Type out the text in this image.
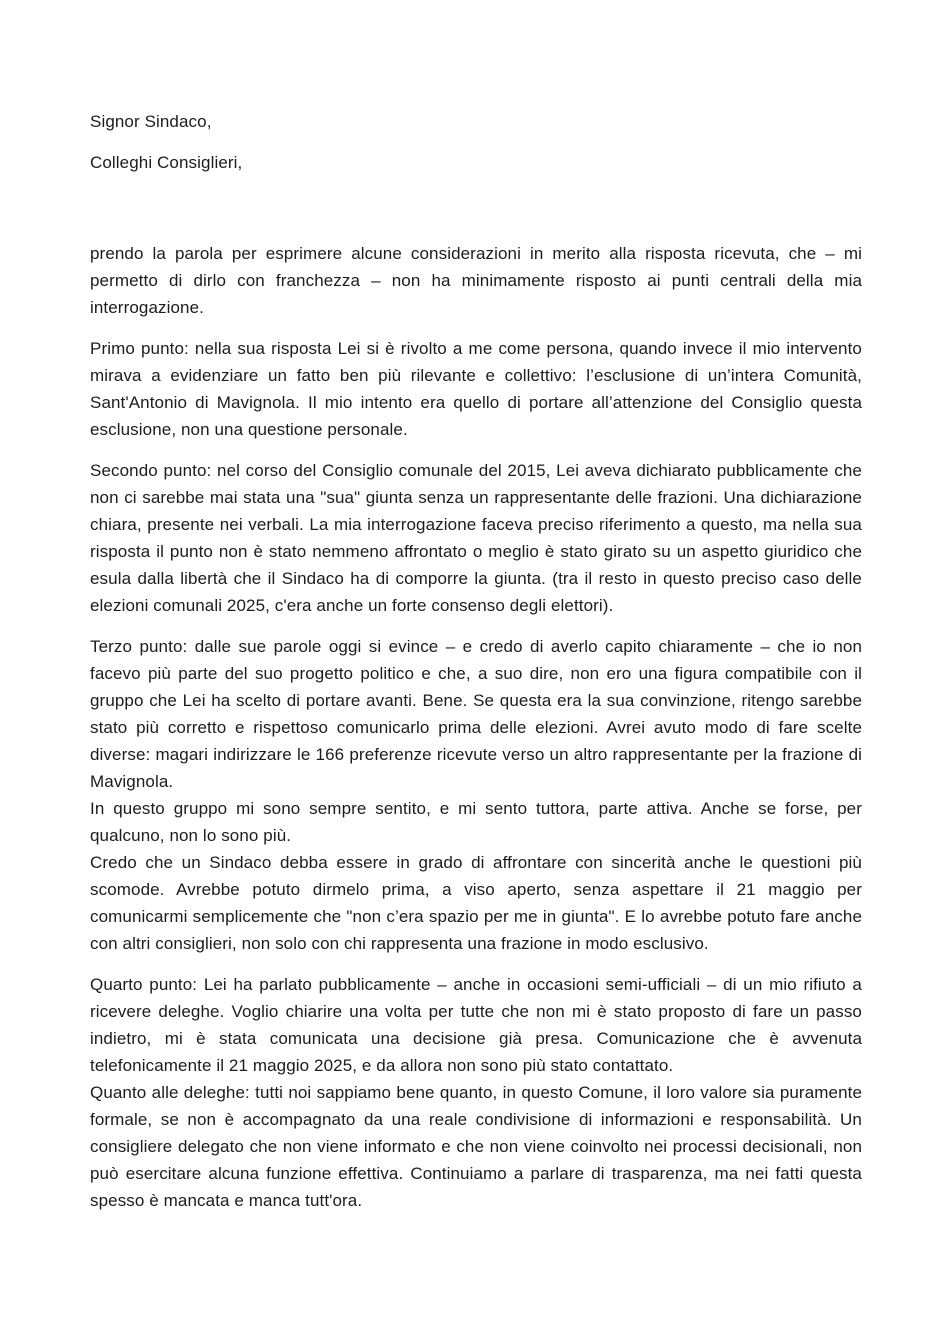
Signor Sindaco,

Colleghi Consiglieri,

prendo la parola per esprimere alcune considerazioni in merito alla risposta ricevuta, che – mi permetto di dirlo con franchezza – non ha minimamente risposto ai punti centrali della mia interrogazione.

Primo punto: nella sua risposta Lei si è rivolto a me come persona, quando invece il mio intervento mirava a evidenziare un fatto ben più rilevante e collettivo: l’esclusione di un’intera Comunità, Sant'Antonio di Mavignola. Il mio intento era quello di portare all’attenzione del Consiglio questa esclusione, non una questione personale.

Secondo punto: nel corso del Consiglio comunale del 2015, Lei aveva dichiarato pubblicamente che non ci sarebbe mai stata una "sua" giunta senza un rappresentante delle frazioni. Una dichiarazione chiara, presente nei verbali. La mia interrogazione faceva preciso riferimento a questo, ma nella sua risposta il punto non è stato nemmeno affrontato o meglio è stato girato su un aspetto giuridico che esula dalla libertà che il Sindaco ha di comporre la giunta. (tra il resto in questo preciso caso delle elezioni comunali 2025, c'era anche un forte consenso degli elettori).

Terzo punto: dalle sue parole oggi si evince – e credo di averlo capito chiaramente – che io non facevo più parte del suo progetto politico e che, a suo dire, non ero una figura compatibile con il gruppo che Lei ha scelto di portare avanti. Bene. Se questa era la sua convinzione, ritengo sarebbe stato più corretto e rispettoso comunicarlo prima delle elezioni. Avrei avuto modo di fare scelte diverse: magari indirizzare le 166 preferenze ricevute verso un altro rappresentante per la frazione di Mavignola.

In questo gruppo mi sono sempre sentito, e mi sento tuttora, parte attiva. Anche se forse, per qualcuno, non lo sono più.

Credo che un Sindaco debba essere in grado di affrontare con sincerità anche le questioni più scomode. Avrebbe potuto dirmelo prima, a viso aperto, senza aspettare il 21 maggio per comunicarmi semplicemente che "non c’era spazio per me in giunta". E lo avrebbe potuto fare anche con altri consiglieri, non solo con chi rappresenta una frazione in modo esclusivo.

Quarto punto: Lei ha parlato pubblicamente – anche in occasioni semi-ufficiali – di un mio rifiuto a ricevere deleghe. Voglio chiarire una volta per tutte che non mi è stato proposto di fare un passo indietro, mi è stata comunicata una decisione già presa. Comunicazione che è avvenuta telefonicamente il 21 maggio 2025, e da allora non sono più stato contattato.

Quanto alle deleghe: tutti noi sappiamo bene quanto, in questo Comune, il loro valore sia puramente formale, se non è accompagnato da una reale condivisione di informazioni e responsabilità. Un consigliere delegato che non viene informato e che non viene coinvolto nei processi decisionali, non può esercitare alcuna funzione effettiva. Continuiamo a parlare di trasparenza, ma nei fatti questa spesso è mancata e manca tutt'ora.
